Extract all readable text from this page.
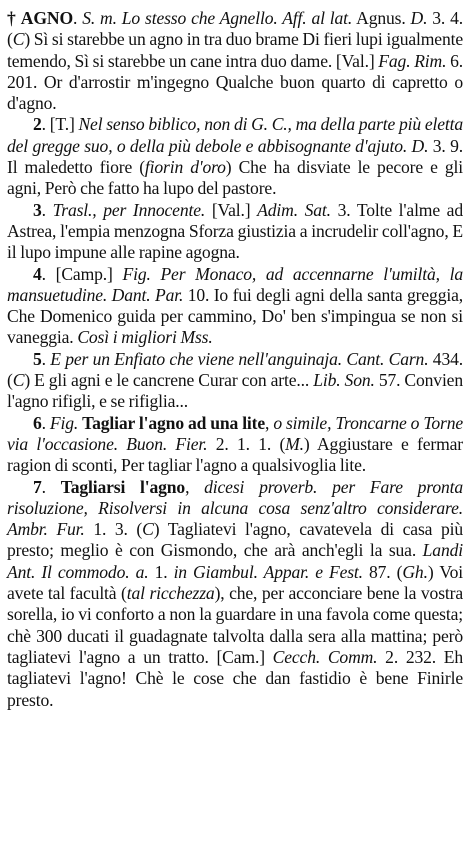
† AGNO. S. m. Lo stesso che Agnello. Aff. al lat. Agnus. D. 3. 4. (C) Sì si starebbe un agno in tra duo brame Di fieri lupi igualmente temendo, Sì si starebbe un cane intra duo dame. [Val.] Fag. Rim. 6. 201. Or d'arrostir m'ingegno Qualche buon quarto di capretto o d'agno.

2. [T.] Nel senso biblico, non di G. C., ma della parte più eletta del gregge suo, o della più debole e abbisognante d'ajuto. D. 3. 9. Il maledetto fiore (fiorin d'oro) Che ha disviate le pecore e gli agni, Però che fatto ha lupo del pastore.

3. Trasl., per Innocente. [Val.] Adim. Sat. 3. Tolte l'alme ad Astrea, l'empia menzogna Sforza giustizia a incrudelir coll'agno, E il lupo impune alle rapine agogna.

4. [Camp.] Fig. Per Monaco, ad accennarne l'umiltà, la mansuetudine. Dant. Par. 10. Io fui degli agni della santa greggia, Che Domenico guida per cammino, Do' ben s'impingua se non si vaneggia. Così i migliori Mss.

5. E per un Enfiato che viene nell'anguinaja. Cant. Carn. 434. (C) E gli agni e le cancrene Curar con arte... Lib. Son. 57. Convien l'agno rifigli, e se rifiglia...

6. Fig. Tagliar l'agno ad una lite, o simile, Troncarne o Torne via l'occasione. Buon. Fier. 2. 1. 1. (M.) Aggiustare e fermar ragion di sconti, Per tagliar l'agno a qualsivoglia lite.

7. Tagliarsi l'agno, dicesi proverb. per Fare pronta risoluzione, Risolversi in alcuna cosa senz'altro considerare. Ambr. Fur. 1. 3. (C) Tagliatevi l'agno, cavatevela di casa più presto; meglio è con Gismondo, che arà anch'egli la sua. Landi Ant. Il commodo. a. 1. in Giambul. Appar. e Fest. 87. (Gh.) Voi avete tal facultà (tal ricchezza), che, per acconciare bene la vostra sorella, io vi conforto a non la guardare in una favola come questa; chè 300 ducati il guadagnate talvolta dalla sera alla mattina; però tagliatevi l'agno a un tratto. [Cam.] Cecch. Comm. 2. 232. Eh tagliatevi l'agno! Chè le cose che dan fastidio è bene Finirle presto.
